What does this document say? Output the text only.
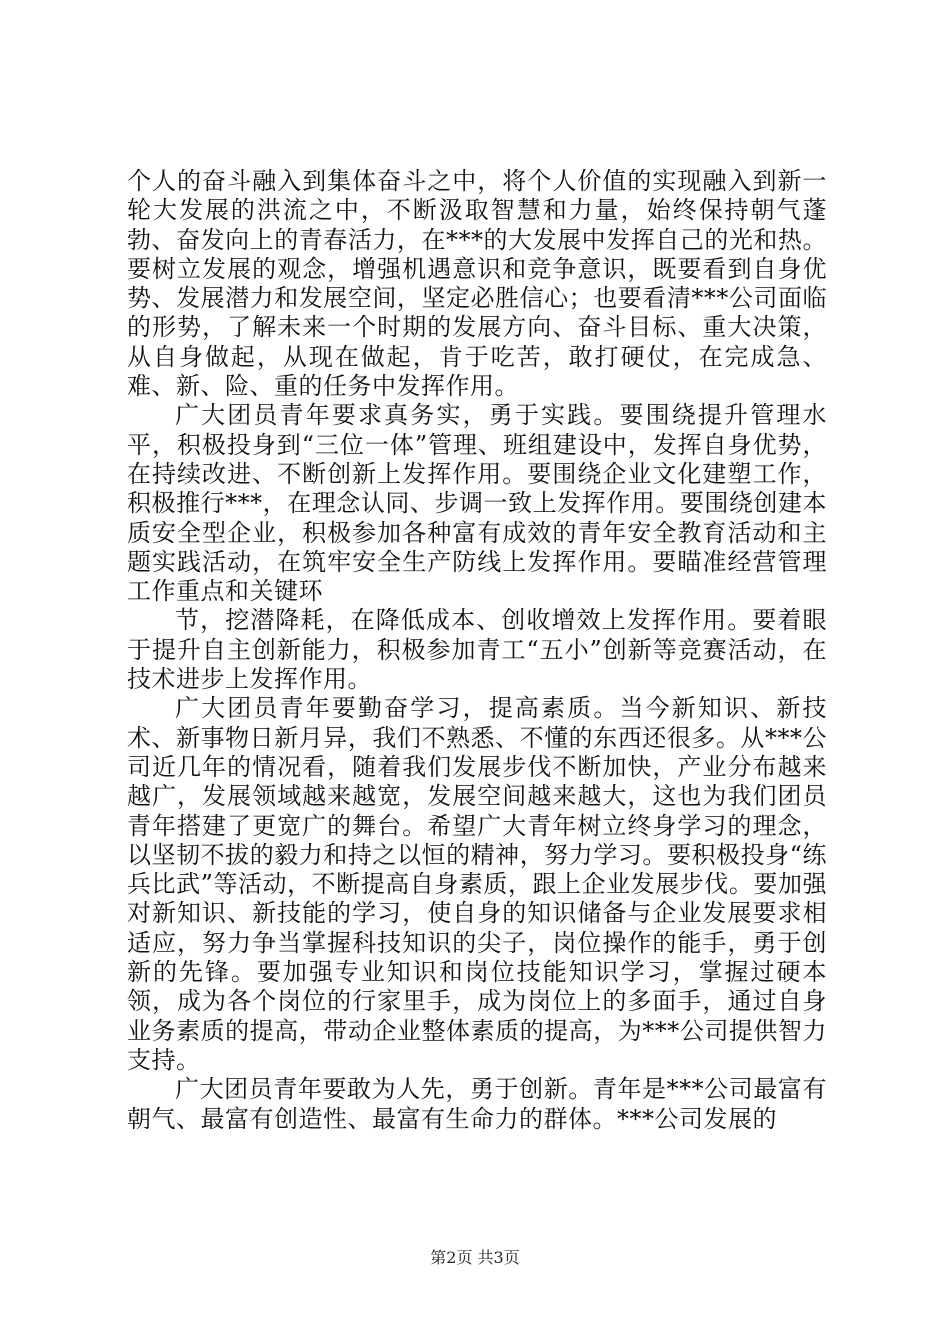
个人的奋斗融入到集体奋斗之中，将个人价值的实现融入到新一轮大发展的洪流之中，不断汲取智慧和力量，始终保持朝气蓬勃、奋发向上的青春活力，在***的大发展中发挥自己的光和热。要树立发展的观念，增强机遇意识和竞争意识，既要看到自身优势、发展潜力和发展空间，坚定必胜信心；也要看清***公司面临的形势，了解未来一个时期的发展方向、奋斗目标、重大决策，从自身做起，从现在做起，肯于吃苦，敢打硬仗，在完成急、难、新、险、重的任务中发挥作用。

广大团员青年要求真务实，勇于实践。要围绕提升管理水平，积极投身到“三位一体”管理、班组建设中，发挥自身优势，在持续改进、不断创新上发挥作用。要围绕企业文化建塑工作，积极推行***，在理念认同、步调一致上发挥作用。要围绕创建本质安全型企业，积极参加各种富有成效的青年安全教育活动和主题实践活动，在筑牢安全生产防线上发挥作用。要瞄准经营管理工作重点和关键环

节，挖潜降耗，在降低成本、创收增效上发挥作用。要着眼于提升自主创新能力，积极参加青工“五小”创新等竞赛活动，在技术进步上发挥作用。

广大团员青年要勤奋学习，提高素质。当今新知识、新技术、新事物日新月异，我们不熟悉、不懂的东西还很多。从***公司近几年的情况看，随着我们发展步伐不断加快，产业分布越来越广，发展领域越来越宽，发展空间越来越大，这也为我们团员青年搭建了更宽广的舞台。希望广大青年树立终身学习的理念，以坚韧不拔的毅力和持之以恒的精神，努力学习。要积极投身“练兵比武”等活动，不断提高自身素质，跟上企业发展步伐。要加强对新知识、新技能的学习，使自身的知识储备与企业发展要求相适应，努力争当掌握科技知识的尖子，岗位操作的能手，勇于创新的先锋。要加强专业知识和岗位技能知识学习，掌握过硬本领，成为各个岗位的行家里手，成为岗位上的多面手，通过自身业务素质的提高，带动企业整体素质的提高，为***公司提供智力支持。

广大团员青年要敢为人先，勇于创新。青年是***公司最富有朝气、最富有创造性、最富有生命力的群体。***公司发展的

第2页 共3页
